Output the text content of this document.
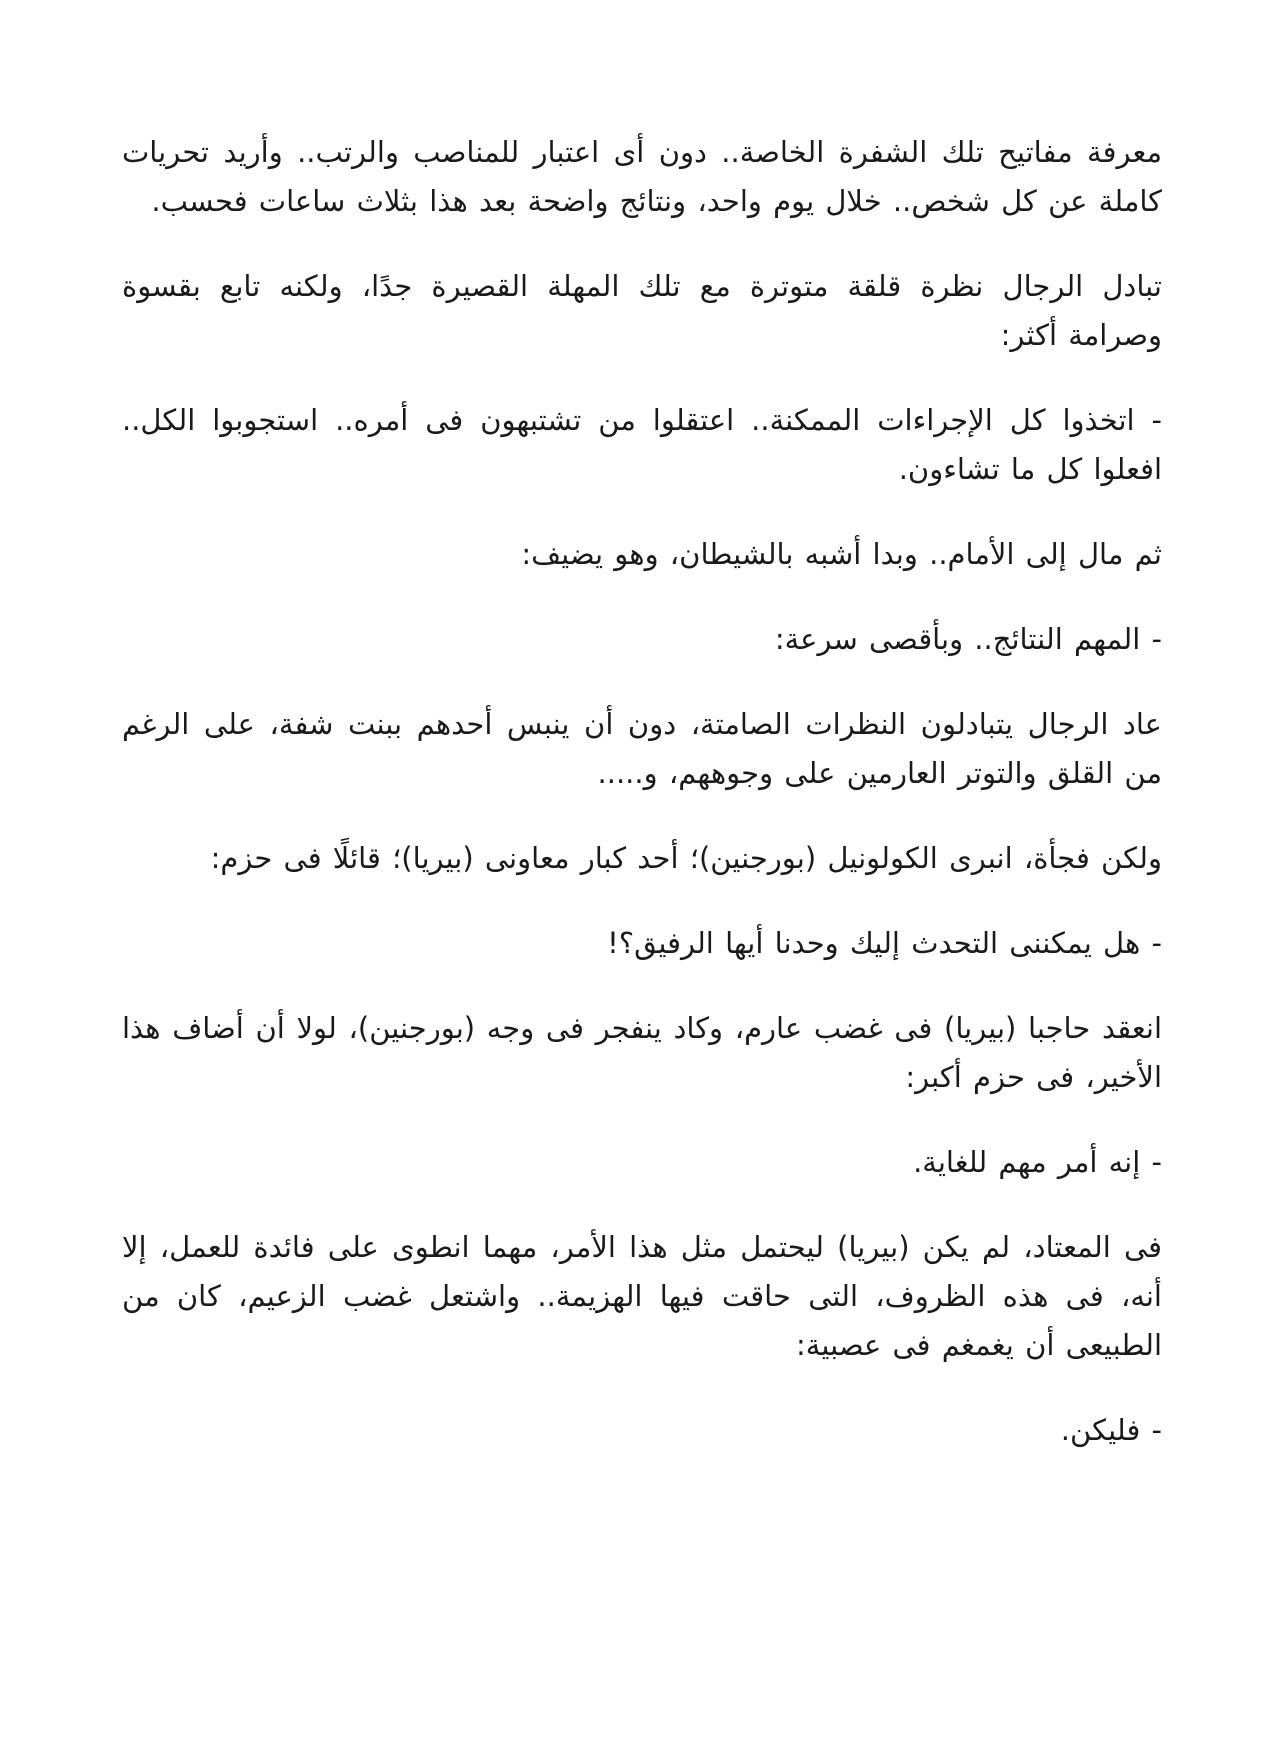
معرفة مفاتيح تلك الشفرة الخاصة.. دون أى اعتبار للمناصب والرتب.. وأريد تحريات كاملة عن كل شخص.. خلال يوم واحد، ونتائج واضحة بعد هذا بثلاث ساعات فحسب.

تبادل الرجال نظرة قلقة متوترة مع تلك المهلة القصيرة جدًا، ولكنه تابع بقسوة وصرامة أكثر:

- اتخذوا كل الإجراءات الممكنة.. اعتقلوا من تشتبهون فى أمره.. استجوبوا الكل.. افعلوا كل ما تشاءون.

ثم مال إلى الأمام.. وبدا أشبه بالشيطان، وهو يضيف:

- المهم النتائج.. وبأقصى سرعة:

عاد الرجال يتبادلون النظرات الصامتة، دون أن ينبس أحدهم ببنت شفة، على الرغم من القلق والتوتر العارمين على وجوههم، و.....

ولكن فجأة، انبرى الكولونيل (بورجنين)؛ أحد كبار معاونى (بيريا)؛ قائلًا فى حزم:

- هل يمكننى التحدث إليك وحدنا أيها الرفيق؟!

انعقد حاجبا (بيريا) فى غضب عارم، وكاد ينفجر فى وجه (بورجنين)، لولا أن أضاف هذا الأخير، فى حزم أكبر:

- إنه أمر مهم للغاية.

فى المعتاد، لم يكن (بيريا) ليحتمل مثل هذا الأمر، مهما انطوى على فائدة للعمل، إلا أنه، فى هذه الظروف، التى حاقت فيها الهزيمة.. واشتعل غضب الزعيم، كان من الطبيعى أن يغمغم فى عصبية:

- فليكن.
